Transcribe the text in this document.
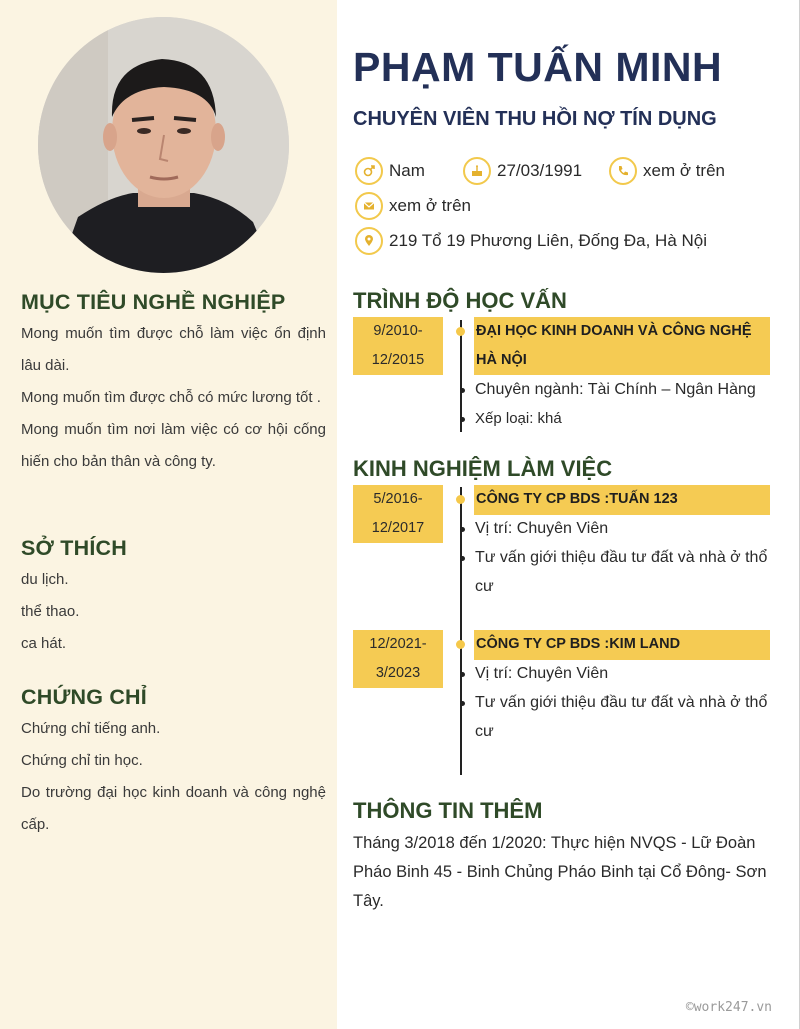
MỤC TIÊU NGHỀ NGHIỆP

Mong muốn tìm được chỗ làm việc ổn định lâu dài.

Mong muốn tìm được chỗ có mức lương tốt .

Mong muốn tìm nơi làm việc có cơ hội cống hiến cho bản thân và công ty.

SỞ THÍCH
du lịch.
thể thao.
ca hát.
CHỨNG CHỈ

Chứng chỉ tiếng anh.

Chứng chỉ tin học.

Do trường đại học kinh doanh và công nghệ cấp.

PHẠM TUẤN MINH
CHUYÊN VIÊN THU HỒI NỢ TÍN DỤNG
Nam	27/03/1991	xem ở trên
xem ở trên
219 Tổ 19 Phương Liên, Đống Đa, Hà Nội
TRÌNH ĐỘ HỌC VẤN
9/2010-
12/2015
ĐẠI HỌC KINH DOANH VÀ CÔNG NGHỆ HÀ NỘI
Chuyên ngành: Tài Chính – Ngân Hàng
Xếp loại: khá
KINH NGHIỆM LÀM VIỆC
5/2016-
12/2017
CÔNG TY CP BDS :TUẤN 123
Vị trí: Chuyên Viên
Tư vấn giới thiệu đầu tư đất và nhà ở thổ cư
12/2021-
3/2023
CÔNG TY CP BDS :KIM LAND
Vị trí: Chuyên Viên
Tư vấn giới thiệu đầu tư đất và nhà ở thổ cư
THÔNG TIN THÊM
Tháng 3/2018 đến 1/2020: Thực hiện NVQS - Lữ Đoàn Pháo Binh 45 - Binh Chủng Pháo Binh tại Cổ Đông- Sơn Tây.
©work247.vn
